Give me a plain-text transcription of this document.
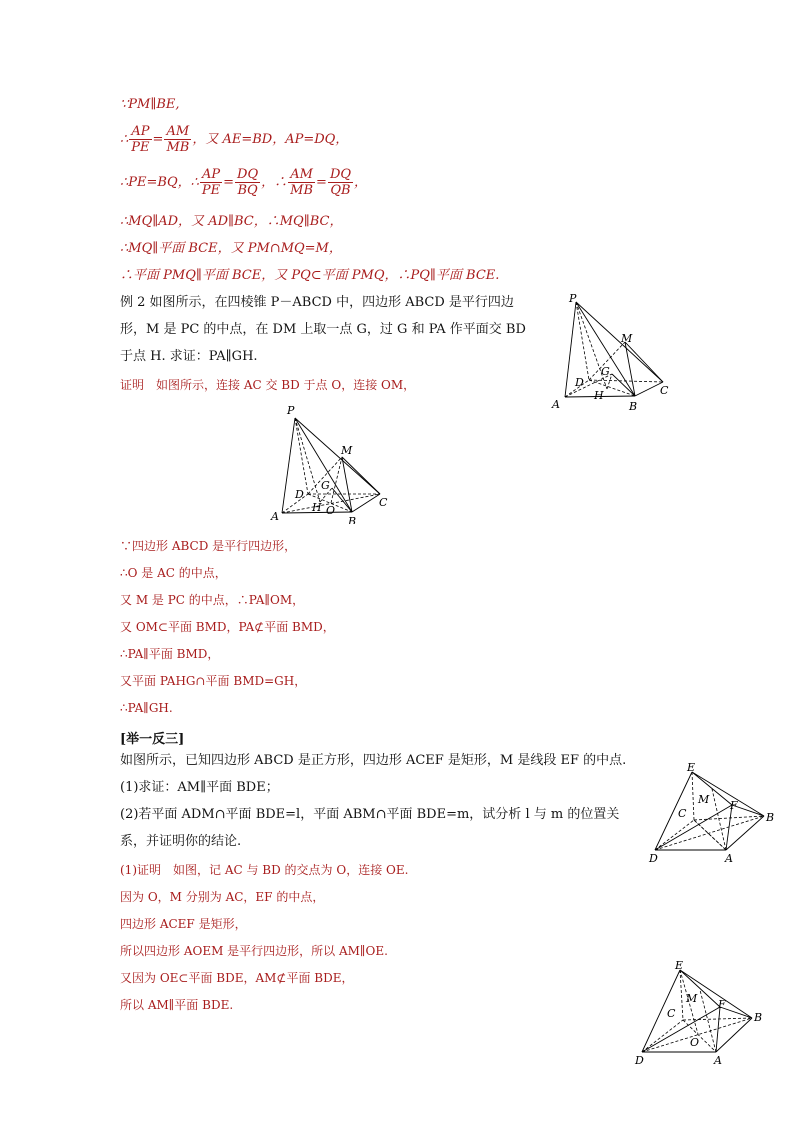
∵PM∥BE,
∴ $\frac{AP}{PE} = \frac{AM}{MB}$ ，又 AE=BD，AP=DQ，
∴PE=BQ，∴ $\frac{AP}{PE} = \frac{DQ}{BQ}$ ，∴ $\frac{AM}{MB} = \frac{DQ}{QB}$ ，
∴MQ∥AD，又 AD∥BC，∴MQ∥BC，
∴MQ∥平面 BCE，又 PM∩MQ=M，
∴平面 PMQ∥平面 BCE，又 PQ⊂平面 PMQ，∴PQ∥平面 BCE.
例 2 如图所示，在四棱锥 P－ABCD 中，四边形 ABCD 是平行四边
形，M 是 PC 的中点，在 DM 上取一点 G，过 G 和 PA 作平面交 BD
于点 H. 求证：PA∥GH.
证明　如图所示，连接 AC 交 BD 于点 O，连接 OM，
P
M
G
D
C
A
H
B
P
M
G
D
C
A
H O
B
∵四边形 ABCD 是平行四边形，
∴O 是 AC 的中点，
又 M 是 PC 的中点，∴PA∥OM，
又 OM⊂平面 BMD，PA⊄平面 BMD，
∴PA∥平面 BMD，
又平面 PAHG∩平面 BMD=GH，
∴PA∥GH.
[举一反三]
如图所示，已知四边形 ABCD 是正方形，四边形 ACEF 是矩形，M 是线段 EF 的中点.
(1)求证：AM∥平面 BDE；
(2)若平面 ADM∩平面 BDE=l，平面 ABM∩平面 BDE=m，试分析 l 与 m 的位置关
系，并证明你的结论.
(1)证明　如图，记 AC 与 BD 的交点为 O，连接 OE.
因为 O，M 分别为 AC，EF 的中点，
四边形 ACEF 是矩形，
所以四边形 AOEM 是平行四边形，所以 AM∥OE.
又因为 OE⊂平面 BDE，AM⊄平面 BDE，
所以 AM∥平面 BDE.
E
M F
C	B
D	A
E
M F
C	B
O
D	A
